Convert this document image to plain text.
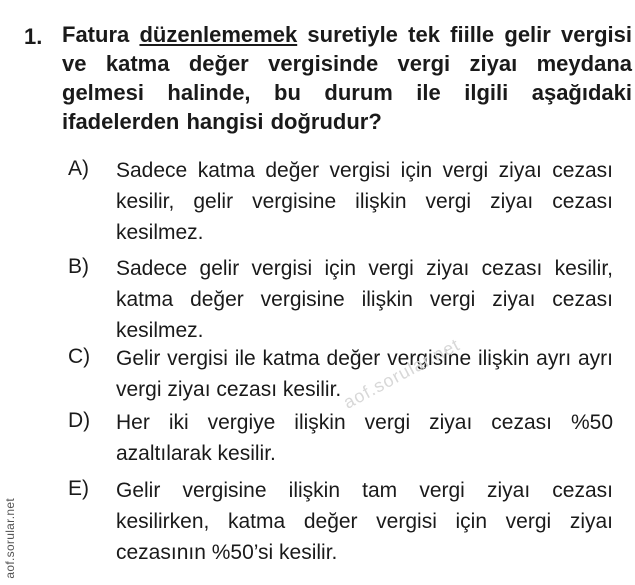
1. Fatura düzenlememek suretiyle tek fiille gelir vergisi ve katma değer vergisinde vergi ziyaı meydana gelmesi halinde, bu durum ile ilgili aşağıdaki ifadelerden hangisi doğrudur?
A) Sadece katma değer vergisi için vergi ziyaı cezası kesilir, gelir vergisine ilişkin vergi ziyaı cezası kesilmez.
B) Sadece gelir vergisi için vergi ziyaı cezası kesilir, katma değer vergisine ilişkin vergi ziyaı cezası kesilmez.
C) Gelir vergisi ile katma değer vergisine ilişkin ayrı ayrı vergi ziyaı cezası kesilir.
D) Her iki vergiye ilişkin vergi ziyaı cezası %50 azaltılarak kesilir.
E) Gelir vergisine ilişkin tam vergi ziyaı cezası kesilirken, katma değer vergisi için vergi ziyaı cezasının %50’si kesilir.
aof.sorular.net
aof.sorular.net
